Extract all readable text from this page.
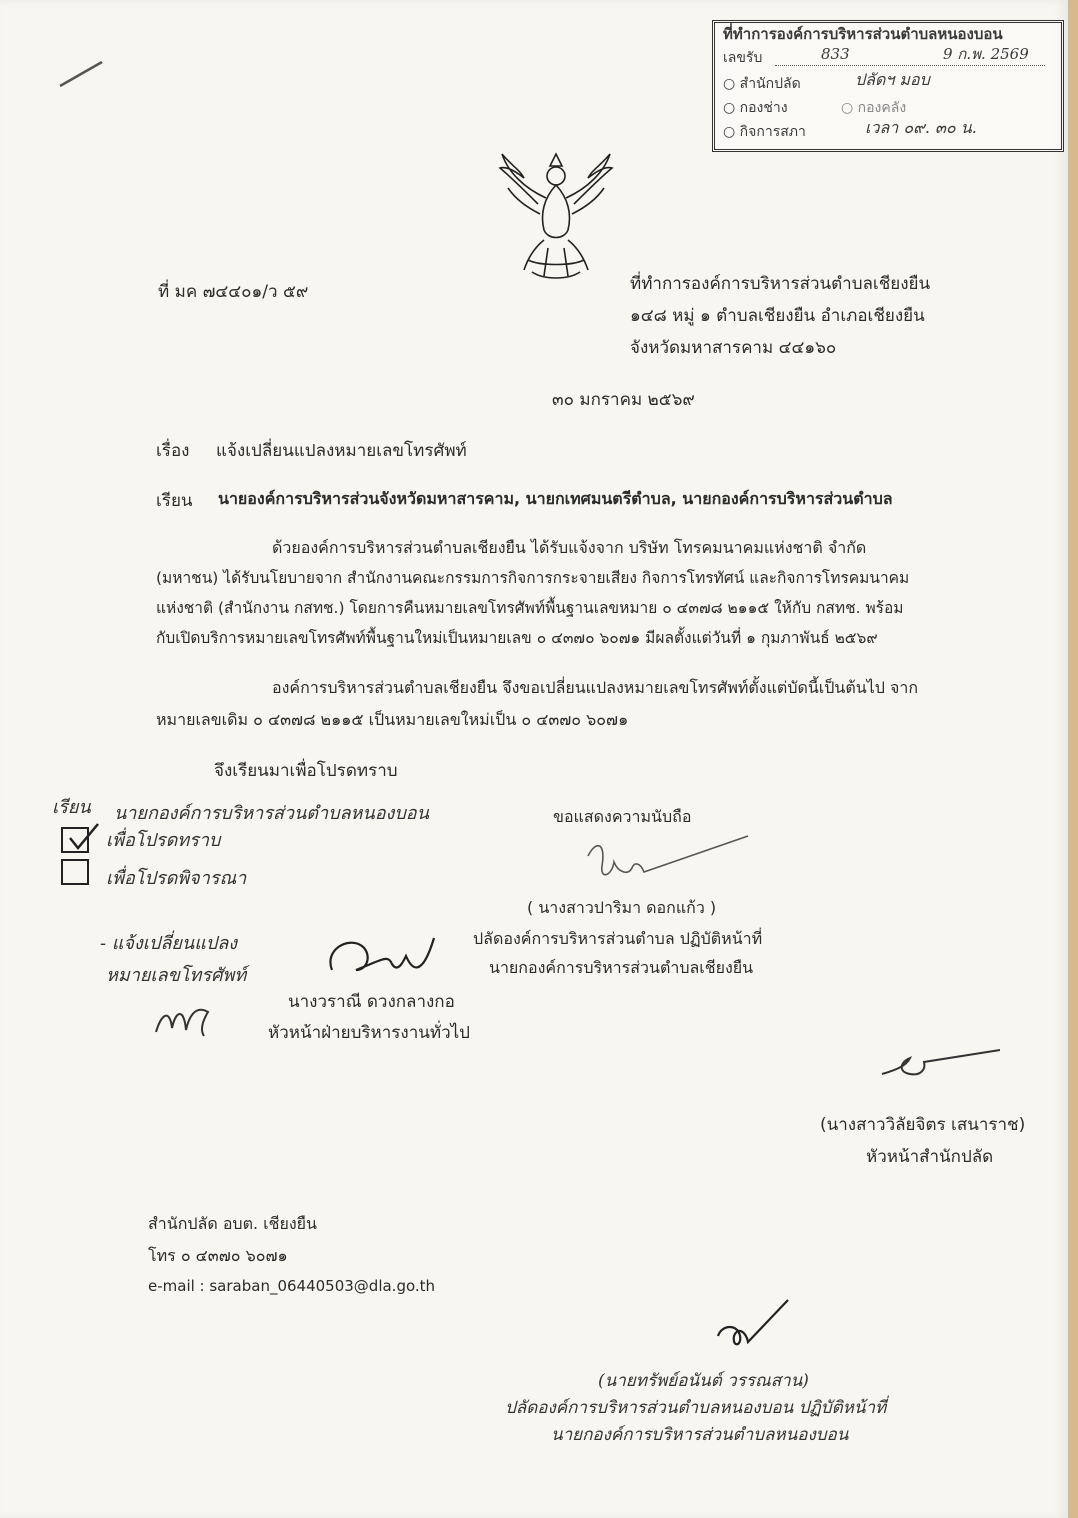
ที่ทำการองค์การบริหารส่วนตำบลหนองบอน
เลขรับ	833	9 ก.พ. 2569
○ สำนักปลัด	ปลัดฯ มอบ
○ กองช่าง	○ กองคลัง
○ กิจการสภา	เวลา ๐๙. ๓๐ น.
ที่ มค ๗๔๔๐๑/ว ๕๙	ที่ทำการองค์การบริหารส่วนตำบลเชียงยืน
๑๔๘ หมู่ ๑ ตำบลเชียงยืน อำเภอเชียงยืน
จังหวัดมหาสารคาม ๔๔๑๖๐
๓๐ มกราคม ๒๕๖๙
เรื่อง แจ้งเปลี่ยนแปลงหมายเลขโทรศัพท์
เรียน นายองค์การบริหารส่วนจังหวัดมหาสารคาม, นายกเทศมนตรีตำบล, นายกองค์การบริหารส่วนตำบล
ด้วยองค์การบริหารส่วนตำบลเชียงยืน ได้รับแจ้งจาก บริษัท โทรคมนาคมแห่งชาติ จำกัด
(มหาชน) ได้รับนโยบายจาก สำนักงานคณะกรรมการกิจการกระจายเสียง กิจการโทรทัศน์ และกิจการโทรคมนาคม
แห่งชาติ (สำนักงาน กสทช.) โดยการคืนหมายเลขโทรศัพท์พื้นฐานเลขหมาย ๐ ๔๓๗๘ ๒๑๑๕ ให้กับ กสทช. พร้อม
กับเปิดบริการหมายเลขโทรศัพท์พื้นฐานใหม่เป็นหมายเลข ๐ ๔๓๗๐ ๖๐๗๑ มีผลตั้งแต่วันที่ ๑ กุมภาพันธ์ ๒๕๖๙
องค์การบริหารส่วนตำบลเชียงยืน จึงขอเปลี่ยนแปลงหมายเลขโทรศัพท์ตั้งแต่บัดนี้เป็นต้นไป จาก
หมายเลขเดิม ๐ ๔๓๗๘ ๒๑๑๕ เป็นหมายเลขใหม่เป็น ๐ ๔๓๗๐ ๖๐๗๑
จึงเรียนมาเพื่อโปรดทราบ
เรียน นายกองค์การบริหารส่วนตำบลหนองบอน
เพื่อโปรดทราบ
เพื่อโปรดพิจารณา
- แจ้งเปลี่ยนแปลง
หมายเลขโทรศัพท์
ขอแสดงความนับถือ
( นางสาวปาริมา ดอกแก้ว )
ปลัดองค์การบริหารส่วนตำบล ปฏิบัติหน้าที่
นายกองค์การบริหารส่วนตำบลเชียงยืน
นางวราณี ดวงกลางกอ
หัวหน้าฝ่ายบริหารงานทั่วไป
(นางสาววิลัยจิตร เสนาราช)
หัวหน้าสำนักปลัด
สำนักปลัด อบต. เชียงยืน
โทร ๐ ๔๓๗๐ ๖๐๗๑
e-mail : saraban_06440503@dla.go.th
(นายทรัพย์อนันต์ วรรณสาน)
ปลัดองค์การบริหารส่วนตำบลหนองบอน ปฏิบัติหน้าที่
นายกองค์การบริหารส่วนตำบลหนองบอน
